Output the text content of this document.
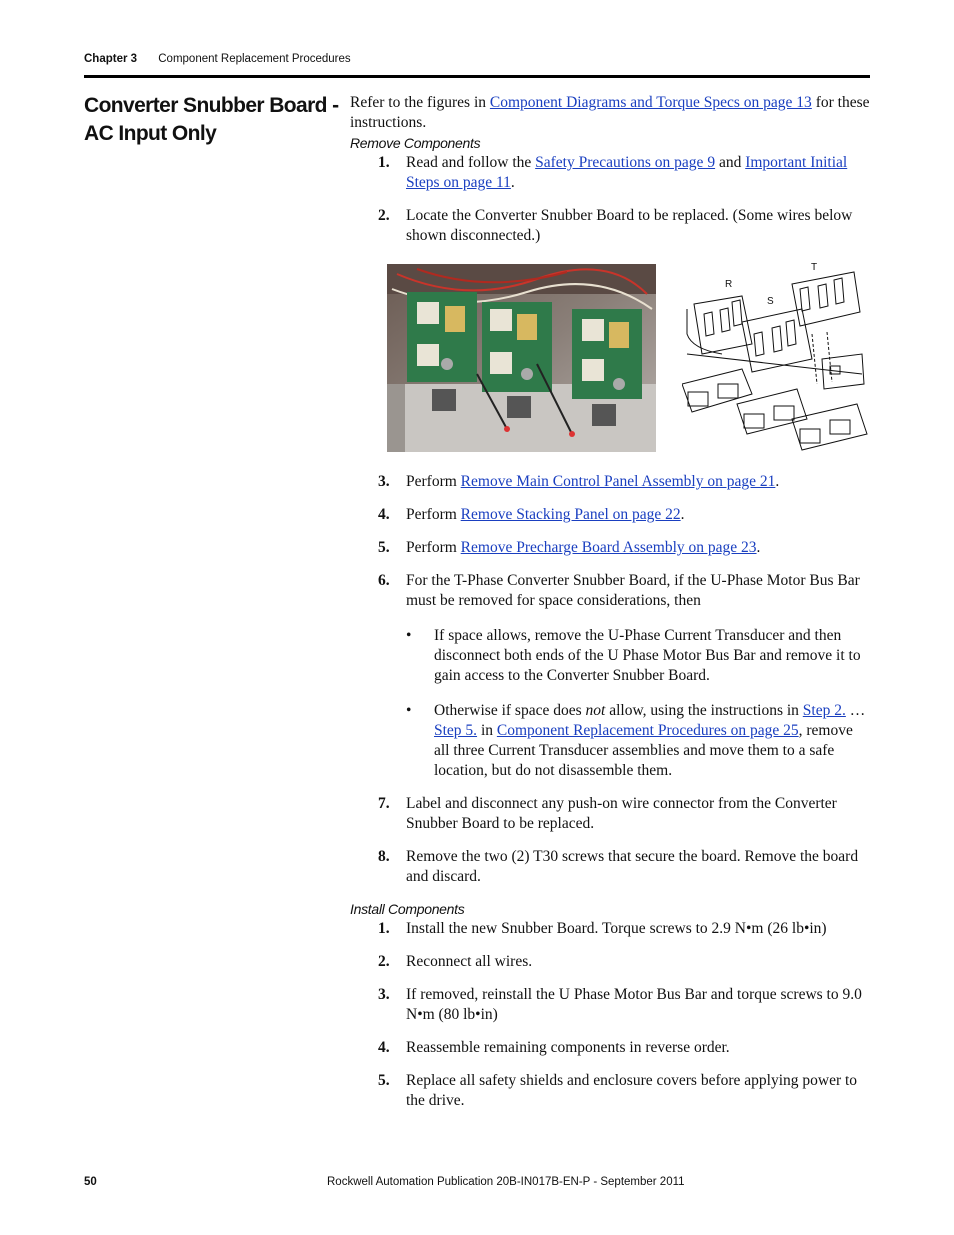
Chapter 3 Component Replacement Procedures
Converter Snubber Board - AC Input Only

Refer to the figures in Component Diagrams and Torque Specs on page 13 for these instructions.

Remove Components

1. Read and follow the Safety Precautions on page 9 and Important Initial Steps on page 11.
2. Locate the Converter Snubber Board to be replaced. (Some wires below shown disconnected.)
T
R
S
3. Perform Remove Main Control Panel Assembly on page 21.
4. Perform Remove Stacking Panel on page 22.
5. Perform Remove Precharge Board Assembly on page 23.
6. For the T-Phase Converter Snubber Board, if the U-Phase Motor Bus Bar must be removed for space considerations, then
• If space allows, remove the U-Phase Current Transducer and then disconnect both ends of the U Phase Motor Bus Bar and remove it to gain access to the Converter Snubber Board.
• Otherwise if space does not allow, using the instructions in Step 2. … Step 5. in Component Replacement Procedures on page 25, remove all three Current Transducer assemblies and move them to a safe location, but do not disassemble them.
7. Label and disconnect any push-on wire connector from the Converter Snubber Board to be replaced.
8. Remove the two (2) T30 screws that secure the board. Remove the board and discard.

Install Components

1. Install the new Snubber Board. Torque screws to 2.9 N•m (26 lb•in)
2. Reconnect all wires.
3. If removed, reinstall the U Phase Motor Bus Bar and torque screws to 9.0 N•m (80 lb•in)
4. Reassemble remaining components in reverse order.
5. Replace all safety shields and enclosure covers before applying power to the drive.
50	Rockwell Automation Publication 20B-IN017B-EN-P - September 2011
